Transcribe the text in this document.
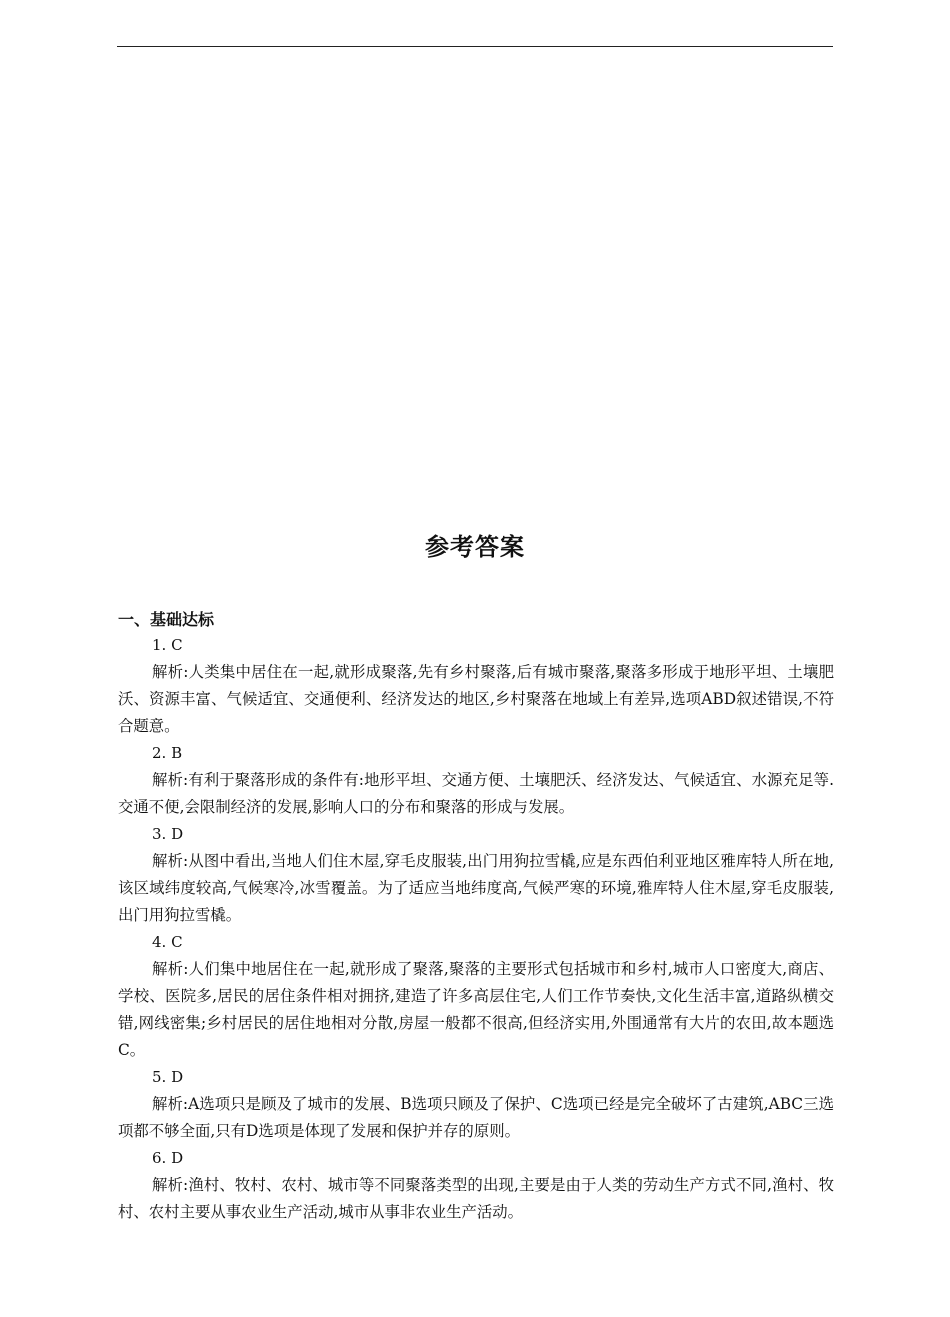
参考答案
一、基础达标
1. C

解析:人类集中居住在一起,就形成聚落,先有乡村聚落,后有城市聚落,聚落多形成于地形平坦、土壤肥沃、资源丰富、气候适宜、交通便利、经济发达的地区,乡村聚落在地域上有差异,选项ABD叙述错误,不符合题意。

2. B

解析:有利于聚落形成的条件有:地形平坦、交通方便、土壤肥沃、经济发达、气候适宜、水源充足等.交通不便,会限制经济的发展,影响人口的分布和聚落的形成与发展。

3. D

解析:从图中看出,当地人们住木屋,穿毛皮服装,出门用狗拉雪橇,应是东西伯利亚地区雅库特人所在地,该区域纬度较高,气候寒冷,冰雪覆盖。为了适应当地纬度高,气候严寒的环境,雅库特人住木屋,穿毛皮服装,出门用狗拉雪橇。

4. C

解析:人们集中地居住在一起,就形成了聚落,聚落的主要形式包括城市和乡村,城市人口密度大,商店、学校、医院多,居民的居住条件相对拥挤,建造了许多高层住宅,人们工作节奏快,文化生活丰富,道路纵横交错,网线密集;乡村居民的居住地相对分散,房屋一般都不很高,但经济实用,外围通常有大片的农田,故本题选C。

5. D

解析:A选项只是顾及了城市的发展、B选项只顾及了保护、C选项已经是完全破坏了古建筑,ABC三选项都不够全面,只有D选项是体现了发展和保护并存的原则。

6. D

解析:渔村、牧村、农村、城市等不同聚落类型的出现,主要是由于人类的劳动生产方式不同,渔村、牧村、农村主要从事农业生产活动,城市从事非农业生产活动。
